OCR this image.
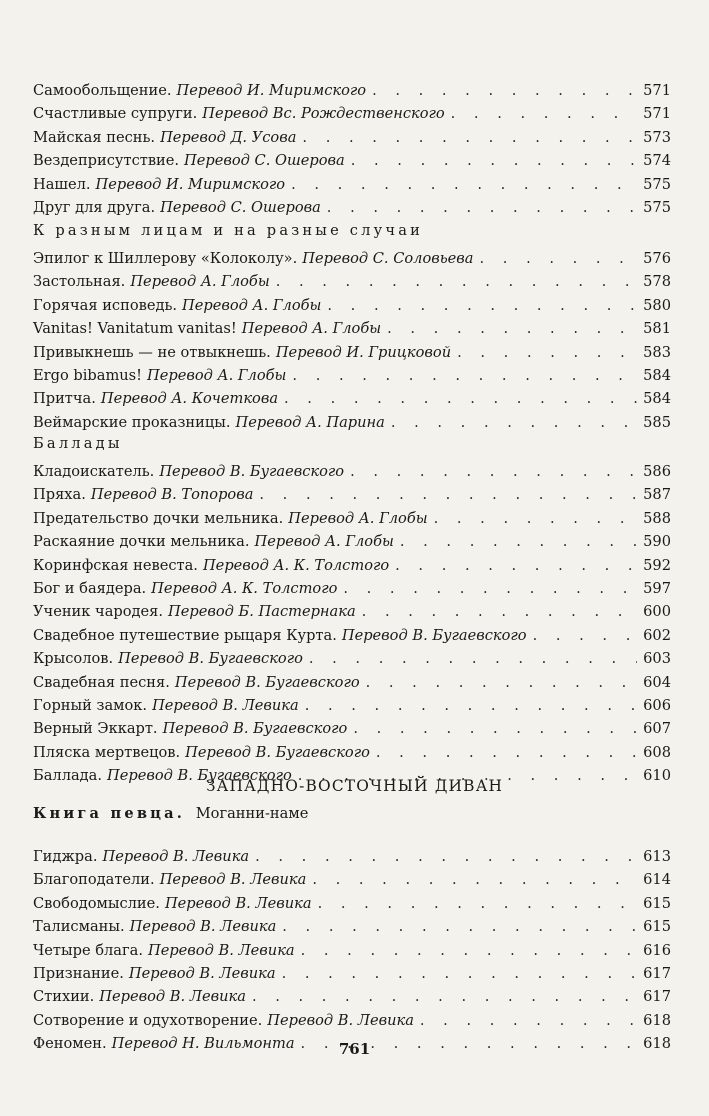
Самообольщение. Перевод И. Миримского . . .	571
Счастливые супруги. Перевод Вс. Рождественского . . .	571
Майская песнь. Перевод Д. Усова . . .	573
Вездеприсутствие. Перевод С. Ошерова . . .	574
Нашел. Перевод И. Миримского . . .	575
Друг для друга. Перевод С. Ошерова . . .	575
К разным лицам и на разные случаи
Эпилог к Шиллерову «Колоколу». Перевод С. Соловьева . . .	576
Застольная. Перевод А. Глобы . . .	578
Горячая исповедь. Перевод А. Глобы . . .	580
Vanitas! Vanitatum vanitas! Перевод А. Глобы . . .	581
Привыкнешь — не отвыкнешь. Перевод И. Грицковой . . .	583
Ergo bibamus! Перевод А. Глобы . . .	584
Притча. Перевод А. Кочеткова . . .	584
Веймарские проказницы. Перевод А. Парина . . .	585
Баллады
Кладоискатель. Перевод В. Бугаевского . . .	586
Пряха. Перевод В. Топорова . . .	587
Предательство дочки мельника. Перевод А. Глобы . . .	588
Раскаяние дочки мельника. Перевод А. Глобы . . .	590
Коринфская невеста. Перевод А. К. Толстого . . .	592
Бог и баядера. Перевод А. К. Толстого . . .	597
Ученик чародея. Перевод Б. Пастернака . . .	600
Свадебное путешествие рыцаря Курта. Перевод В. Бугаевского . . .	602
Крысолов. Перевод В. Бугаевского . . .	603
Свадебная песня. Перевод В. Бугаевского . . .	604
Горный замок. Перевод В. Левика . . .	606
Верный Эккарт. Перевод В. Бугаевского . . .	607
Пляска мертвецов. Перевод В. Бугаевского . . .	608
Баллада. Перевод В. Бугаевского . . .	610
ЗАПАДНО-ВОСТОЧНЫЙ ДИВАН
Книга певца. Моганни-наме
Гиджра. Перевод В. Левика . . .	613
Благоподатели. Перевод В. Левика . . .	614
Свободомыслие. Перевод В. Левика . . .	615
Талисманы. Перевод В. Левика . . .	615
Четыре блага. Перевод В. Левика . . .	616
Признание. Перевод В. Левика . . .	617
Стихии. Перевод В. Левика . . .	617
Сотворение и одухотворение. Перевод В. Левика . . .	618
Феномен. Перевод Н. Вильмонта . . .	618
761
